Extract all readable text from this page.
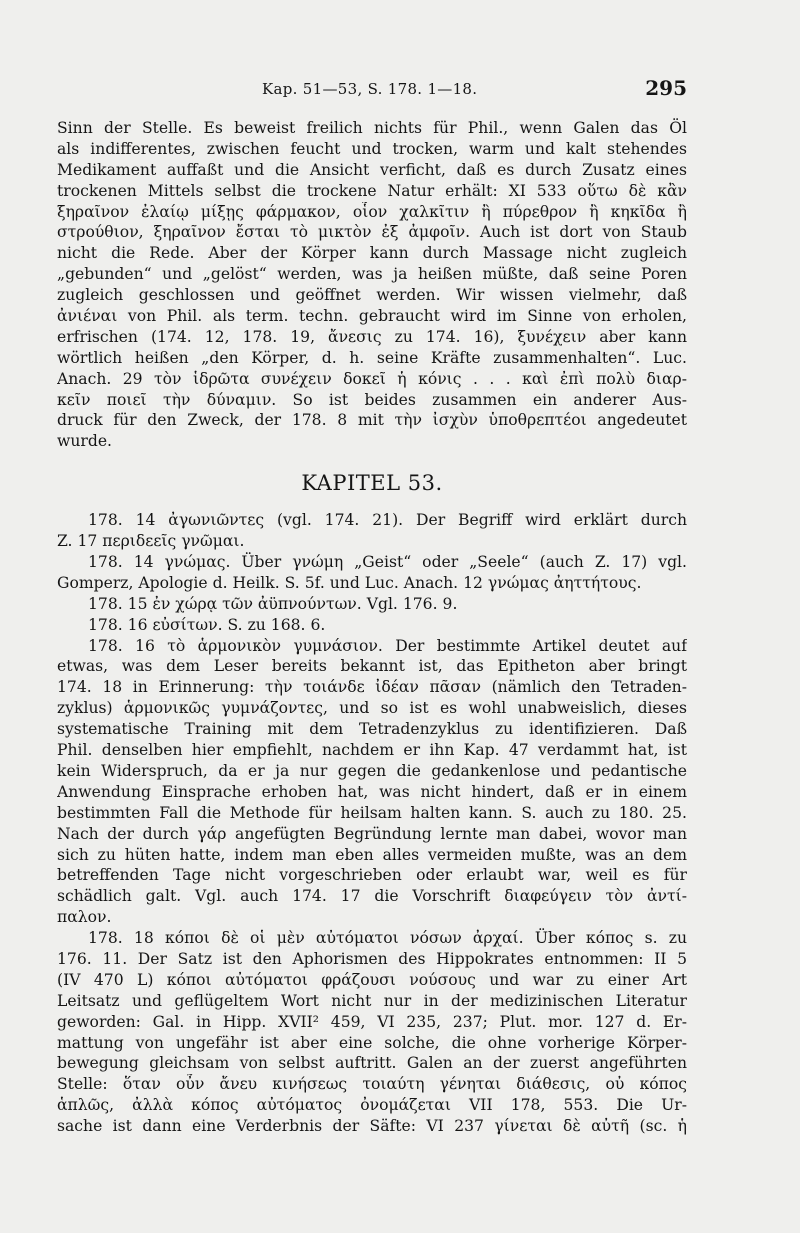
Kap. 51—53, S. 178. 1—18.	295
Sinn der Stelle. Es beweist freilich nichts für Phil., wenn Galen das Öl
als indifferentes, zwischen feucht und trocken, warm und kalt stehendes
Medikament auffaßt und die Ansicht verficht, daß es durch Zusatz eines
trockenen Mittels selbst die trockene Natur erhält: XI 533 οὕτω δὲ κἂν
ξηραῖνον ἐλαίῳ μίξῃς φάρμακον, οἷον χαλκῖτιν ἢ πύρεθρον ἢ κηκῖδα ἢ
στρούθιον, ξηραῖνον ἔσται τὸ μικτὸν ἐξ ἀμφοῖν. Auch ist dort von Staub
nicht die Rede. Aber der Körper kann durch Massage nicht zugleich
„gebunden“ und „gelöst“ werden, was ja heißen müßte, daß seine Poren
zugleich geschlossen und geöffnet werden. Wir wissen vielmehr, daß
ἀνιέναι von Phil. als term. techn. gebraucht wird im Sinne von erholen,
erfrischen (174. 12, 178. 19, ἄνεσις zu 174. 16), ξυνέχειν aber kann
wörtlich heißen „den Körper, d. h. seine Kräfte zusammenhalten“. Luc.
Anach. 29 τὸν ἱδρῶτα συνέχειν δοκεῖ ἡ κόνις . . . καὶ ἐπὶ πολὺ διαρ-
κεῖν ποιεῖ τὴν δύναμιν. So ist beides zusammen ein anderer Aus-
druck für den Zweck, der 178. 8 mit τὴν ἰσχὺν ὑποθρεπτέοι angedeutet
wurde.
KAPITEL 53.
178. 14 ἀγωνιῶντες (vgl. 174. 21). Der Begriff wird erklärt durch
Z. 17 περιδεεῖς γνῶμαι.
178. 14 γνώμας. Über γνώμη „Geist“ oder „Seele“ (auch Z. 17) vgl.
Gomperz, Apologie d. Heilk. S. 5f. und Luc. Anach. 12 γνώμας ἀηττήτους.
178. 15 ἐν χώρᾳ τῶν ἀϋπνούντων. Vgl. 176. 9.
178. 16 εὐσίτων. S. zu 168. 6.
178. 16 τὸ ἁρμονικὸν γυμνάσιον. Der bestimmte Artikel deutet auf
etwas, was dem Leser bereits bekannt ist, das Epitheton aber bringt
174. 18 in Erinnerung: τὴν τοιάνδε ἰδέαν πᾶσαν (nämlich den Tetraden-
zyklus) ἁρμονικῶς γυμνάζοντες, und so ist es wohl unabweislich, dieses
systematische Training mit dem Tetradenzyklus zu identifizieren. Daß
Phil. denselben hier empfiehlt, nachdem er ihn Kap. 47 verdammt hat, ist
kein Widerspruch, da er ja nur gegen die gedankenlose und pedantische
Anwendung Einsprache erhoben hat, was nicht hindert, daß er in einem
bestimmten Fall die Methode für heilsam halten kann. S. auch zu 180. 25.
Nach der durch γάρ angefügten Begründung lernte man dabei, wovor man
sich zu hüten hatte, indem man eben alles vermeiden mußte, was an dem
betreffenden Tage nicht vorgeschrieben oder erlaubt war, weil es für
schädlich galt. Vgl. auch 174. 17 die Vorschrift διαφεύγειν τὸν ἀντί-
παλον.
178. 18 κόποι δὲ οἱ μὲν αὐτόματοι νόσων ἀρχαί. Über κόπος s. zu
176. 11. Der Satz ist den Aphorismen des Hippokrates entnommen: II 5
(IV 470 L) κόποι αὐτόματοι φράζουσι νούσους und war zu einer Art
Leitsatz und geflügeltem Wort nicht nur in der medizinischen Literatur
geworden: Gal. in Hipp. XVII² 459, VI 235, 237; Plut. mor. 127 d. Er-
mattung von ungefähr ist aber eine solche, die ohne vorherige Körper-
bewegung gleichsam von selbst auftritt. Galen an der zuerst angeführten
Stelle: ὅταν οὖν ἄνευ κινήσεως τοιαύτη γένηται διάθεσις, οὐ κόπος
ἁπλῶς, ἀλλὰ κόπος αὐτόματος ὀνομάζεται VII 178, 553. Die Ur-
sache ist dann eine Verderbnis der Säfte: VI 237 γίνεται δὲ αὐτῆ (sc. ἡ
